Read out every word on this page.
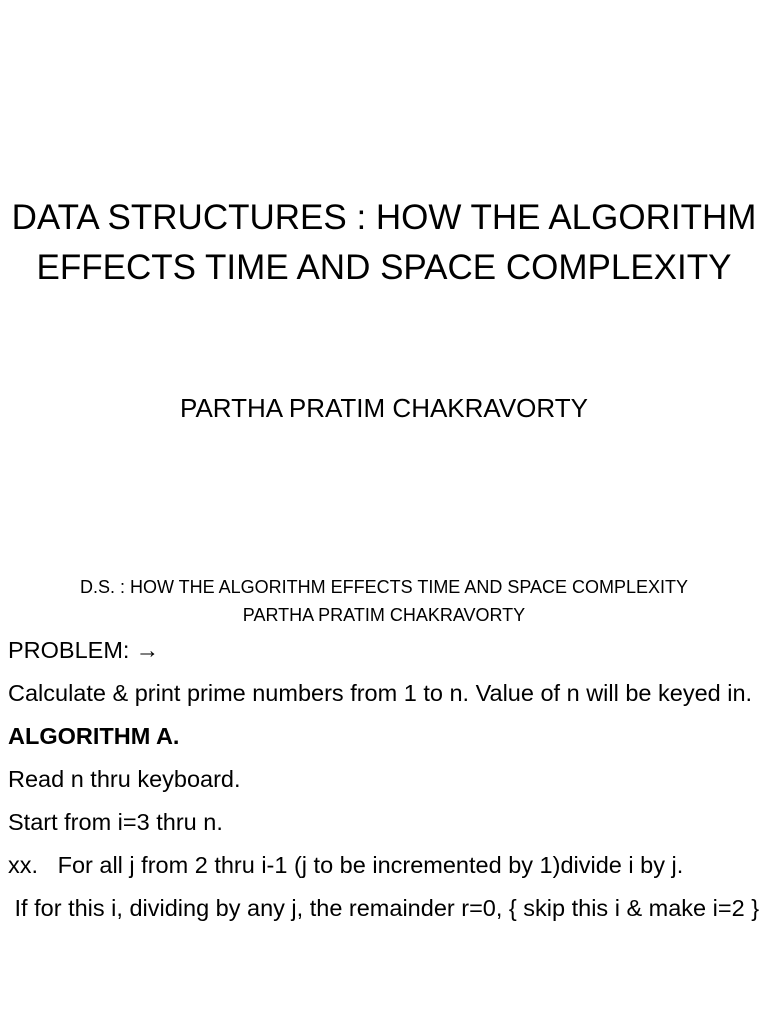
DATA STRUCTURES : HOW THE ALGORITHM
EFFECTS TIME AND SPACE COMPLEXITY
PARTHA PRATIM CHAKRAVORTY
D.S. : HOW THE ALGORITHM EFFECTS TIME AND SPACE COMPLEXITY
PARTHA PRATIM CHAKRAVORTY

PROBLEM: →

Calculate & print prime numbers from 1 to n. Value of n will be keyed in.

ALGORITHM A.

Read n thru keyboard.

Start from i=3 thru n.

xx.   For all j from 2 thru i-1 (j to be incremented by 1)divide i by j.

If for this i, dividing by any j, the remainder r=0, { skip this i & make i=2 }
